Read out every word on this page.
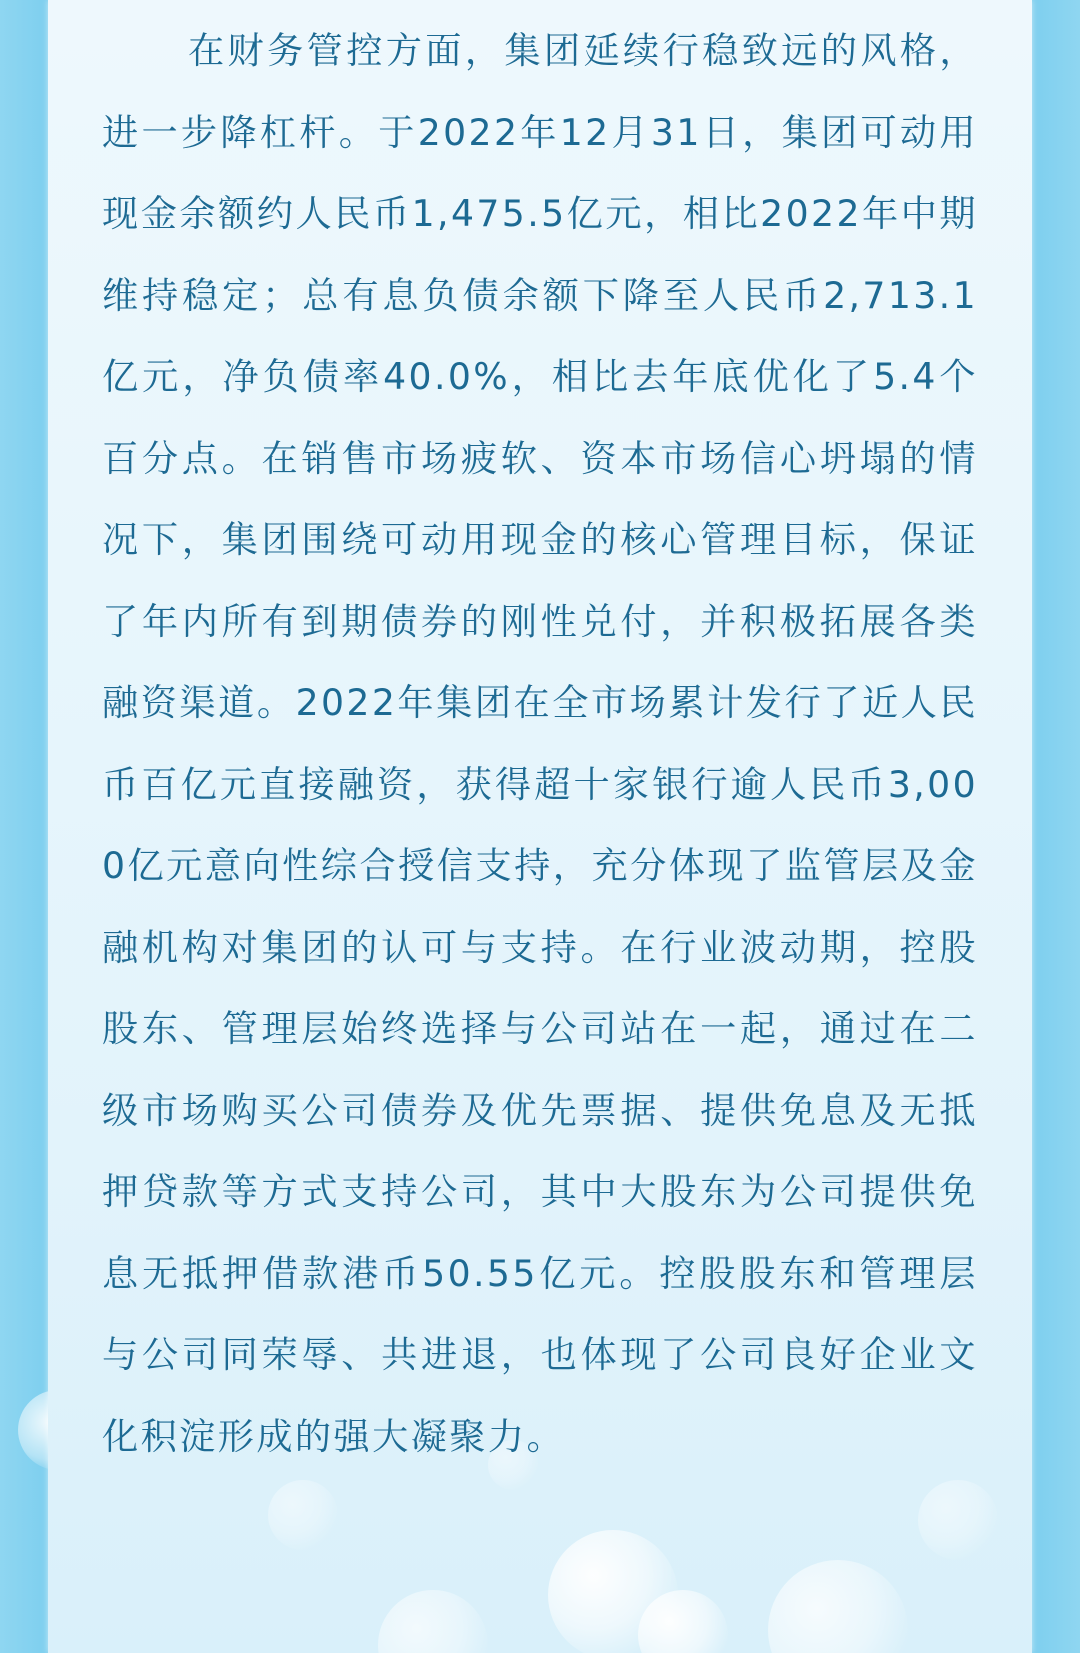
在财务管控方面，集团延续行稳致远的风格，进一步降杠杆。于2022年12月31日，集团可动用现金余额约人民币1,475.5亿元，相比2022年中期维持稳定；总有息负债余额下降至人民币2,713.1亿元，净负债率40.0%，相比去年底优化了5.4个百分点。在销售市场疲软、资本市场信心坍塌的情况下，集团围绕可动用现金的核心管理目标，保证了年内所有到期债券的刚性兑付，并积极拓展各类融资渠道。2022年集团在全市场累计发行了近人民币百亿元直接融资，获得超十家银行逾人民币3,000亿元意向性综合授信支持，充分体现了监管层及金融机构对集团的认可与支持。在行业波动期，控股股东、管理层始终选择与公司站在一起，通过在二级市场购买公司债券及优先票据、提供免息及无抵押贷款等方式支持公司，其中大股东为公司提供免息无抵押借款港币50.55亿元。控股股东和管理层与公司同荣辱、共进退，也体现了公司良好企业文化积淀形成的强大凝聚力。
